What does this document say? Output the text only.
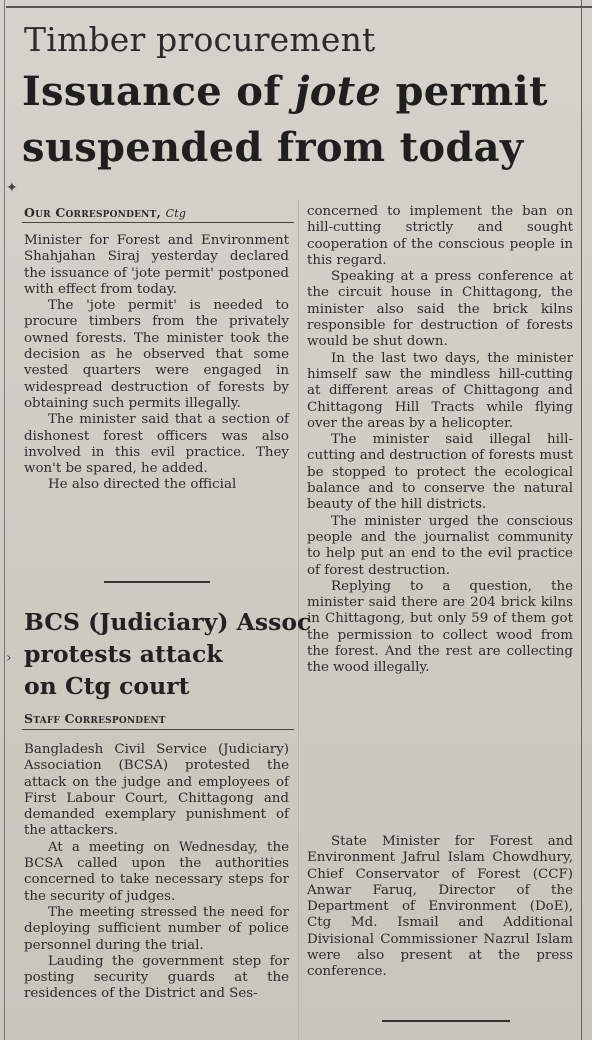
Timber procurement
Issuance of jote permit
suspended from today
✦
Our Correspondent, Ctg

Minister for Forest and Environment Shahjahan Siraj yesterday declared the issuance of 'jote permit' postponed with effect from today.

The 'jote permit' is needed to procure timbers from the privately owned forests. The minister took the decision as he observed that some vested quarters were engaged in widespread destruction of forests by obtaining such permits illegally.

The minister said that a section of dishonest forest officers was also involved in this evil practice. They won't be spared, he added.

He also directed the official

concerned to implement the ban on hill-cutting strictly and sought cooperation of the conscious people in this regard.

Speaking at a press conference at the circuit house in Chittagong, the minister also said the brick kilns responsible for destruction of forests would be shut down.

In the last two days, the minister himself saw the mindless hill-cutting at different areas of Chittagong and Chittagong Hill Tracts while flying over the areas by a helicopter.

The minister said illegal hill-cutting and destruction of forests must be stopped to protect the ecological balance and to conserve the natural beauty of the hill districts.

The minister urged the conscious people and the journalist community to help put an end to the evil practice of forest destruction.

Replying to a question, the minister said there are 204 brick kilns in Chittagong, but only 59 of them got the permission to collect wood from the forest. And the rest are collecting the wood illegally.

State Minister for Forest and Environment Jafrul Islam Chowdhury, Chief Conservator of Forest (CCF) Anwar Faruq, Director of the Department of Environment (DoE), Ctg Md. Ismail and Additional Divisional Commissioner Nazrul Islam were also present at the press conference.

BCS (Judiciary) Assoc
protests attack
on Ctg court
›
Staff Correspondent

Bangladesh Civil Service (Judiciary) Association (BCSA) protested the attack on the judge and employees of First Labour Court, Chittagong and demanded exemplary punishment of the attackers.

At a meeting on Wednesday, the BCSA called upon the authorities concerned to take necessary steps for the security of judges.

The meeting stressed the need for deploying sufficient number of police personnel during the trial.

Lauding the government step for posting security guards at the residences of the District and Ses-
